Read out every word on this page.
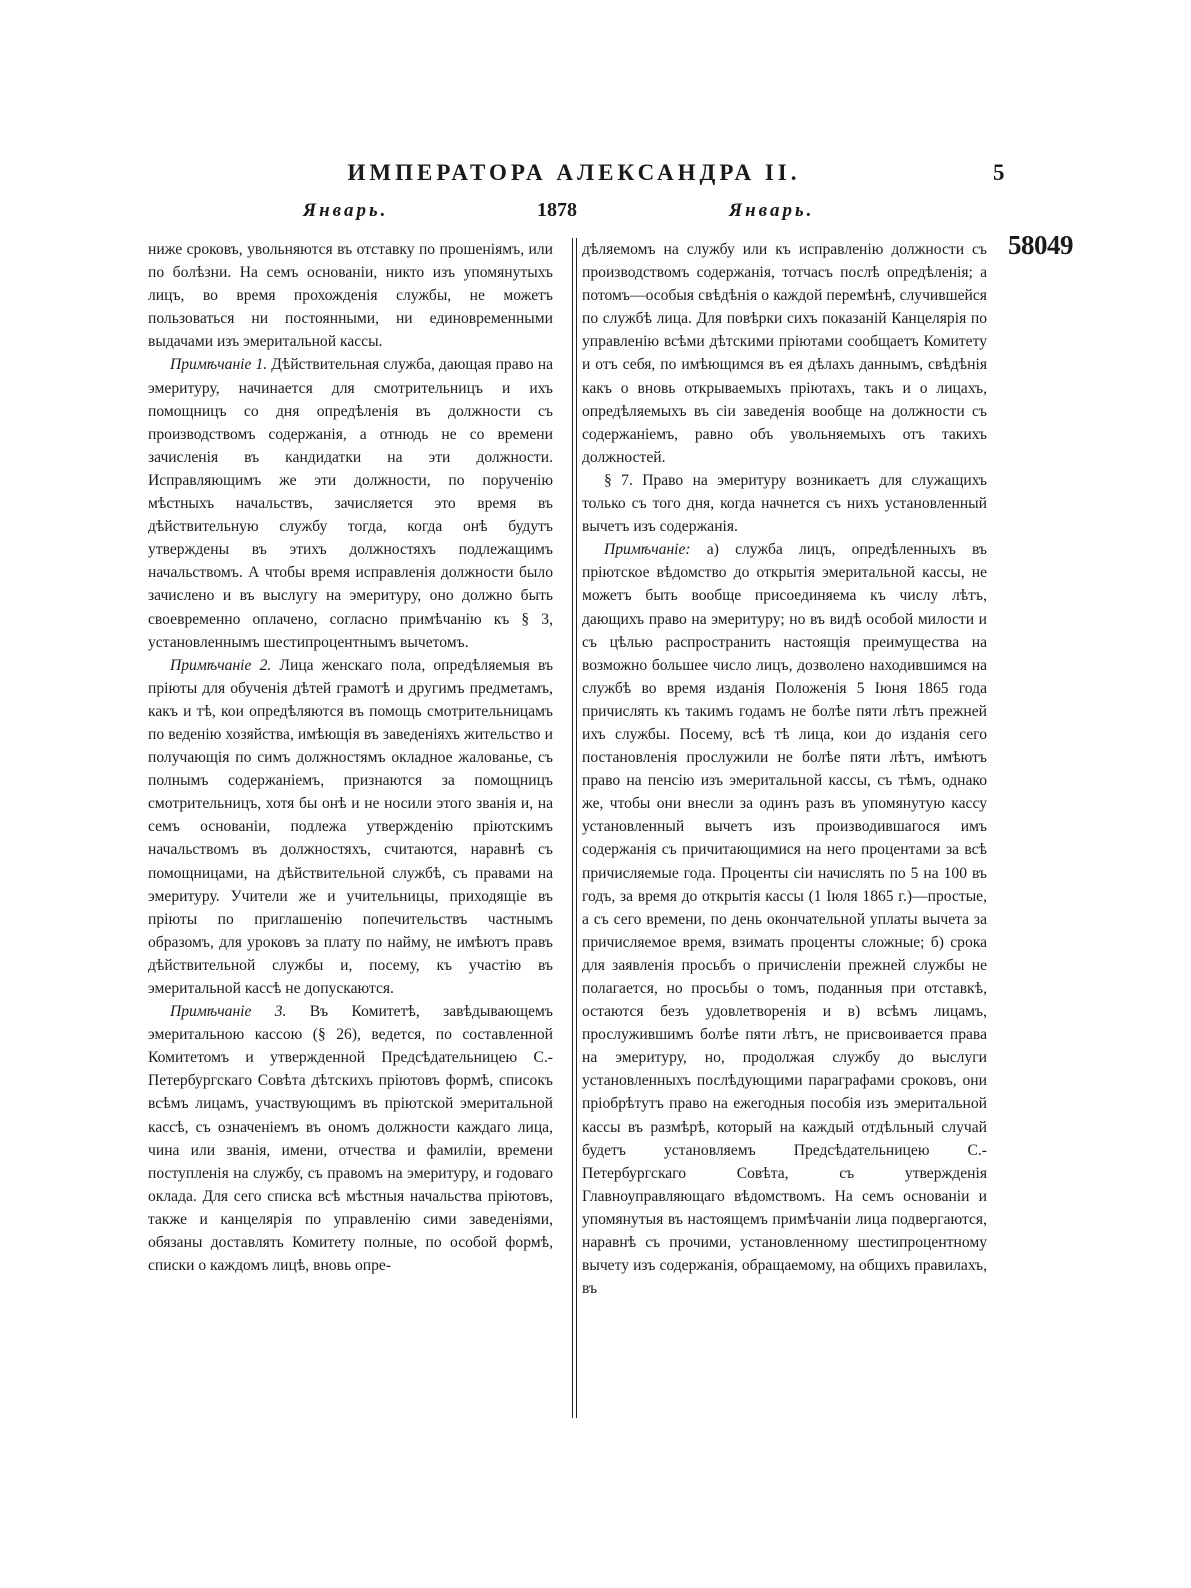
ИМПЕРАТОРА АЛЕКСАНДРА II.	5
Январь.	1878	Январь.
58049

ниже сроковъ, увольняются въ отставку по прошеніямъ, или по болѣзни. На семъ основаніи, никто изъ упомянутыхъ лицъ, во время прохожденія службы, не можетъ пользоваться ни постоянными, ни единовременными выдачами изъ эмеритальной кассы.

Примѣчаніе 1. Дѣйствительная служба, дающая право на эмеритуру, начинается для смотрительницъ и ихъ помощницъ со дня опредѣленія въ должности съ производствомъ содержанія, а отнюдь не со времени зачисленія въ кандидатки на эти должности. Исправляющимъ же эти должности, по порученію мѣстныхъ начальствъ, зачисляется это время въ дѣйствительную службу тогда, когда онѣ будутъ утверждены въ этихъ должностяхъ подлежащимъ начальствомъ. А чтобы время исправленія должности было зачислено и въ выслугу на эмеритуру, оно должно быть своевременно оплачено, согласно примѣчанію къ § 3, установленнымъ шестипроцентнымъ вычетомъ.

Примѣчаніе 2. Лица женскаго пола, опредѣляемыя въ пріюты для обученія дѣтей грамотѣ и другимъ предметамъ, какъ и тѣ, кои опредѣляются въ помощь смотрительницамъ по веденію хозяйства, имѣющія въ заведеніяхъ жительство и получающія по симъ должностямъ окладное жалованье, съ полнымъ содержаніемъ, признаются за помощницъ смотрительницъ, хотя бы онѣ и не носили этого званія и, на семъ основаніи, подлежа утвержденію пріютскимъ начальствомъ въ должностяхъ, считаются, наравнѣ съ помощницами, на дѣйствительной службѣ, съ правами на эмеритуру. Учители же и учительницы, приходящіе въ пріюты по приглашенію попечительствъ частнымъ образомъ, для уроковъ за плату по найму, не имѣютъ правъ дѣйствительной службы и, посему, къ участію въ эмеритальной кассѣ не допускаются.

Примѣчаніе 3. Въ Комитетѣ, завѣдывающемъ эмеритальною кассою (§ 26), ведется, по составленной Комитетомъ и утвержденной Предсѣдательницею С.-Петербургскаго Совѣта дѣтскихъ пріютовъ формѣ, списокъ всѣмъ лицамъ, участвующимъ въ пріютской эмеритальной кассѣ, съ означеніемъ въ ономъ должности каждаго лица, чина или званія, имени, отчества и фамиліи, времени поступленія на службу, съ правомъ на эмеритуру, и годоваго оклада. Для сего списка всѣ мѣстныя начальства пріютовъ, также и канцелярія по управленію сими заведеніями, обязаны доставлять Комитету полные, по особой формѣ, списки о каждомъ лицѣ, вновь опре-

дѣляемомъ на службу или къ исправленію должности съ производствомъ содержанія, тотчасъ послѣ опредѣленія; а потомъ—особыя свѣдѣнія о каждой перемѣнѣ, случившейся по службѣ лица. Для повѣрки сихъ показаній Канцелярія по управленію всѣми дѣтскими пріютами сообщаетъ Комитету и отъ себя, по имѣющимся въ ея дѣлахъ даннымъ, свѣдѣнія какъ о вновь открываемыхъ пріютахъ, такъ и о лицахъ, опредѣляемыхъ въ сіи заведенія вообще на должности съ содержаніемъ, равно объ увольняемыхъ отъ такихъ должностей.

§ 7. Право на эмеритуру возникаетъ для служащихъ только съ того дня, когда начнется съ нихъ установленный вычетъ изъ содержанія.

Примѣчаніе: а) служба лицъ, опредѣленныхъ въ пріютское вѣдомство до открытія эмеритальной кассы, не можетъ быть вообще присоединяема къ числу лѣтъ, дающихъ право на эмеритуру; но въ видѣ особой милости и съ цѣлью распространить настоящія преимущества на возможно большее число лицъ, дозволено находившимся на службѣ во время изданія Положенія 5 Іюня 1865 года причислять къ такимъ годамъ не болѣе пяти лѣтъ прежней ихъ службы. Посему, всѣ тѣ лица, кои до изданія сего постановленія прослужили не болѣе пяти лѣтъ, имѣютъ право на пенсію изъ эмеритальной кассы, съ тѣмъ, однако же, чтобы они внесли за одинъ разъ въ упомянутую кассу установленный вычетъ изъ производившагося имъ содержанія съ причитающимися на него процентами за всѣ причисляемые года. Проценты сіи начислять по 5 на 100 въ годъ, за время до открытія кассы (1 Іюля 1865 г.)—простые, а съ сего времени, по день окончательной уплаты вычета за причисляемое время, взимать проценты сложные; б) срока для заявленія просьбъ о причисленіи прежней службы не полагается, но просьбы о томъ, поданныя при отставкѣ, остаются безъ удовлетворенія и в) всѣмъ лицамъ, прослужившимъ болѣе пяти лѣтъ, не присвоивается права на эмеритуру, но, продолжая службу до выслуги установленныхъ послѣдующими параграфами сроковъ, они пріобрѣтутъ право на ежегодныя пособія изъ эмеритальной кассы въ размѣрѣ, который на каждый отдѣльный случай будетъ установляемъ Предсѣдательницею С.-Петербургскаго Совѣта, съ утвержденія Главноуправляющаго вѣдомствомъ. На семъ основаніи и упомянутыя въ настоящемъ примѣчаніи лица подвергаются, наравнѣ съ прочими, установленному шестипроцентному вычету изъ содержанія, обращаемому, на общихъ правилахъ, въ
